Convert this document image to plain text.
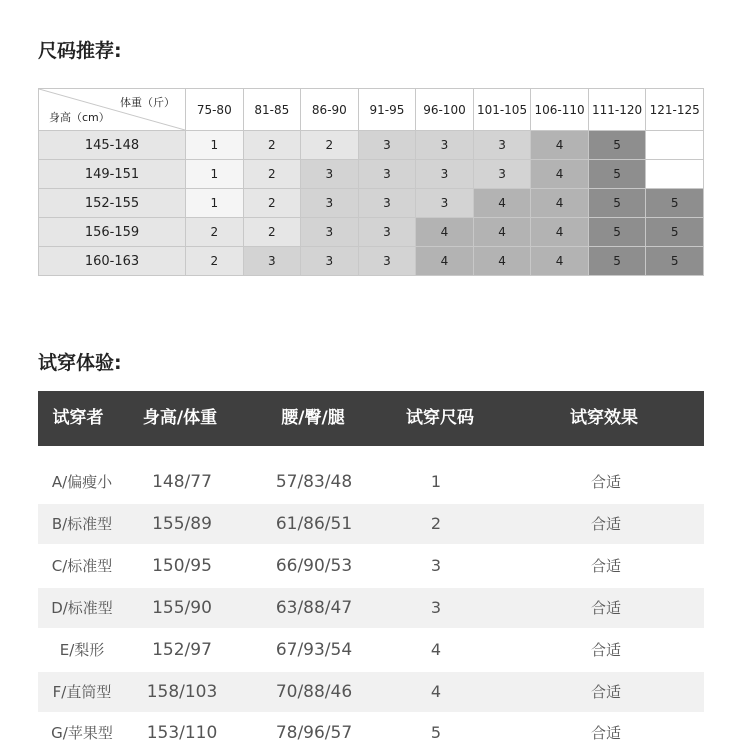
尺码推荐:
体重（斤）
身高（cm）	75-80	81-85	86-90	91-95	96-100	101-105	106-110	111-120	121-125
145-148	1	2	2	3	3	3	4	5	
149-151	1	2	3	3	3	3	4	5	
152-155	1	2	3	3	3	4	4	5	5
156-159	2	2	3	3	4	4	4	5	5
160-163	2	3	3	3	4	4	4	5	5
试穿体验:
试穿者 身高/体重	腰/臀/腿	试穿尺码	试穿效果
A/偏瘦小 148/77	57/83/48	1	合适
B/标准型 155/89	61/86/51	2	合适
C/标准型 150/95	66/90/53	3	合适
D/标准型 155/90	63/88/47	3	合适
E/梨形	152/97	67/93/54	4	合适
F/直筒型 158/103	70/88/46	4	合适
G/苹果型 153/110	78/96/57	5	合适
